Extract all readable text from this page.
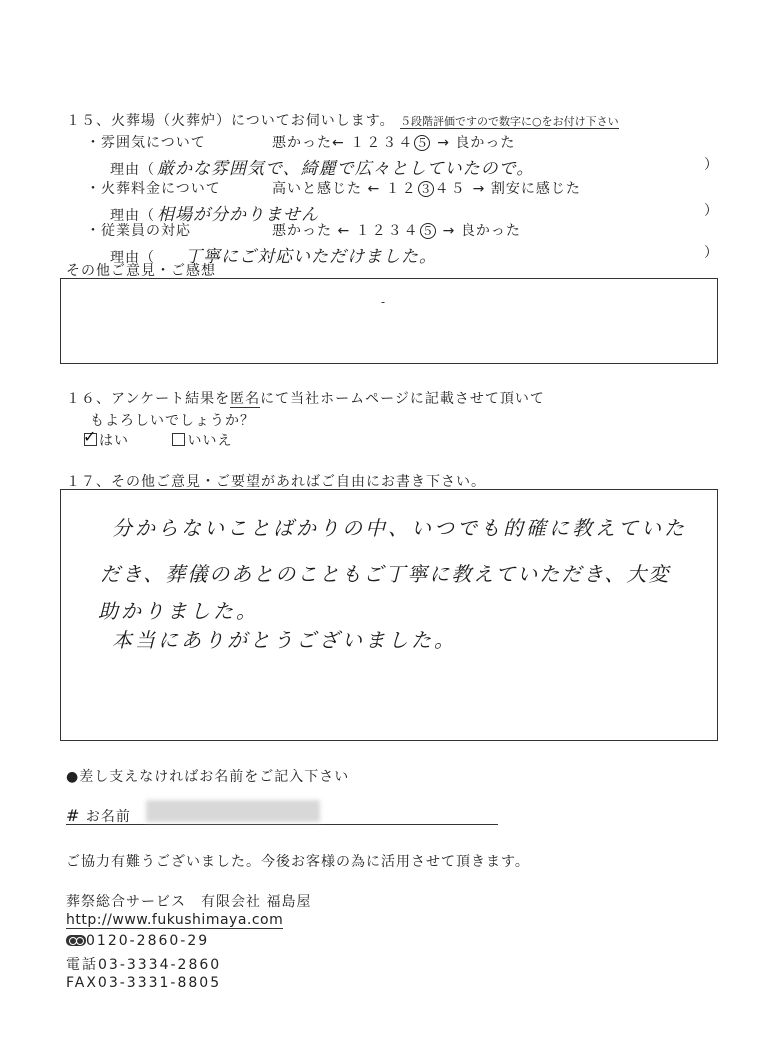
１５、火葬場（火葬炉）についてお伺いします。 ５段階評価ですので数字に○をお付け下さい
・雰囲気について	悪かった← １２３４ ５ → 良かった
理由（ 厳かな雰囲気で、綺麗で広々としていたので。	）
・火葬料金について	高いと感じた ← １２ ３ ４５ → 割安に感じた
理由（ 相場が分かりません	）
・従業員の対応	悪かった ← １２３４ ５ → 良かった
理由（ 丁寧にご対応いただけました。	）
その他ご意見・ご感想
-
１６、アンケート結果を匿名にて当社ホームページに記載させて頂いて
もよろしいでしょうか？
✓ はい	いいえ
１７、その他ご意見・ご要望があればご自由にお書き下さい。
分からないことばかりの中、いつでも的確に教えていた
だき、葬儀のあとのこともご丁寧に教えていただき、大変
助かりました。
本当にありがとうございました。
●差し支えなければお名前をご記入下さい
# お名前
ご協力有難うございました。今後お客様の為に活用させて頂きます。
葬祭総合サービス　有限会社 福島屋
http://www.fukushimaya.com
0120-2860-29
電話03-3334-2860
FAX03-3331-8805
